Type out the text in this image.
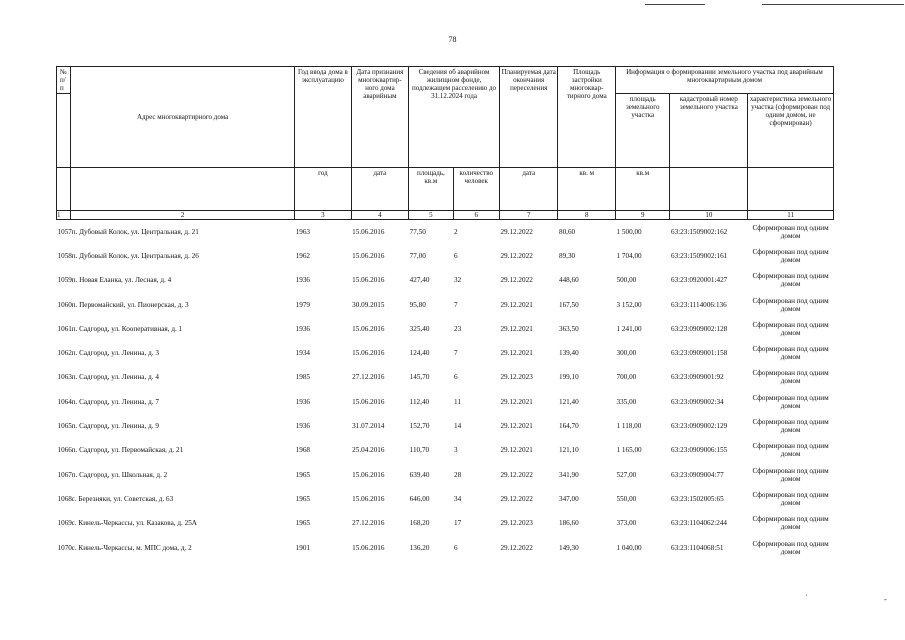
78
№
п/п	Адрес многоквартирного дома	Год ввода дома в эксплуатацию	Дата признания многоквартир-ного дома аварийным	Сведения об аварийном жилищном фонде, подлежащем расселению до 31.12.2024 года		Планируемая дата окончания переселения	Площадь застройки многоквар-тирного дома	Информация о формировании земельного участка под аварийным многоквартирным домом		
								площадь земельного участка	кадастровый номер земельного участка	характеристика земельного участка (сформирован под одним домом, не сформирован)
		год	дата	площадь, кв.м	количество человек	дата	кв. м	кв.м		
1	2	3	4	5	6	7	8	9	10	11
1057	п. Дубовый Колок, ул. Центральная, д. 21	1963	15.06.2016	77,50	2	29.12.2022	80,60	1 500,00	63:23:1509002:162	Сформирован под одним домом
1058	п. Дубовый Колок, ул. Центральная, д. 26	1962	15.06.2016	77,00	6	29.12.2022	89,30	1 704,00	63:23:1509002:161	Сформирован под одним домом
1059	п. Новая Еланка, ул. Лесная, д. 4	1936	15.06.2016	427,40	32	29.12.2022	448,60	500,00	63:23:0920001:427	Сформирован под одним домом
1060	п. Первомайский, ул. Пионерская, д. 3	1979	30.09.2015	95,80	7	29.12.2021	167,50	3 152,00	63:23:1114006:136	Сформирован под одним домом
1061	п. Садгород, ул. Кооперативная, д. 1	1936	15.06.2016	325,40	23	29.12.2021	363,50	1 241,00	63:23:0909002:128	Сформирован под одним домом
1062	п. Садгород, ул. Ленина, д. 3	1934	15.06.2016	124,40	7	29.12.2021	139,40	300,00	63:23:0909001:158	Сформирован под одним домом
1063	п. Садгород, ул. Ленина, д. 4	1985	27.12.2016	145,70	6	29.12.2023	199,10	700,00	63:23:0909001:92	Сформирован под одним домом
1064	п. Садгород, ул. Ленина, д. 7	1936	15.06.2016	112,40	11	29.12.2021	121,40	335,00	63:23:0909002:34	Сформирован под одним домом
1065	п. Садгород, ул. Ленина, д. 9	1936	31.07.2014	152,70	14	29.12.2021	164,70	1 118,00	63:23:0909002:129	Сформирован под одним домом
1066	п. Садгород, ул. Первомайская, д. 21	1968	25.04.2016	110,70	3	29.12.2021	121,10	1 165,00	63:23:0909006:155	Сформирован под одним домом
1067	п. Садгород, ул. Школьная, д. 2	1965	15.06.2016	639,40	28	29.12.2022	341,90	527,00	63:23:0909004:77	Сформирован под одним домом
1068	с. Березняки, ул. Советская, д. 63	1965	15.06.2016	646,00	34	29.12.2022	347,00	550,00	63:23:1502005:65	Сформирован под одним домом
1069	с. Кинель-Черкассы, ул. Казакова, д. 25А	1965	27.12.2016	168,20	17	29.12.2023	186,60	373,00	63:23:1104062:244	Сформирован под одним домом
1070	с. Кинель-Черкассы, м. МПС дома, д. 2	1901	15.06.2016	136,20	6	29.12.2022	149,30	1 040,00	63:23:1104068:51	Сформирован под одним домом
·	-
